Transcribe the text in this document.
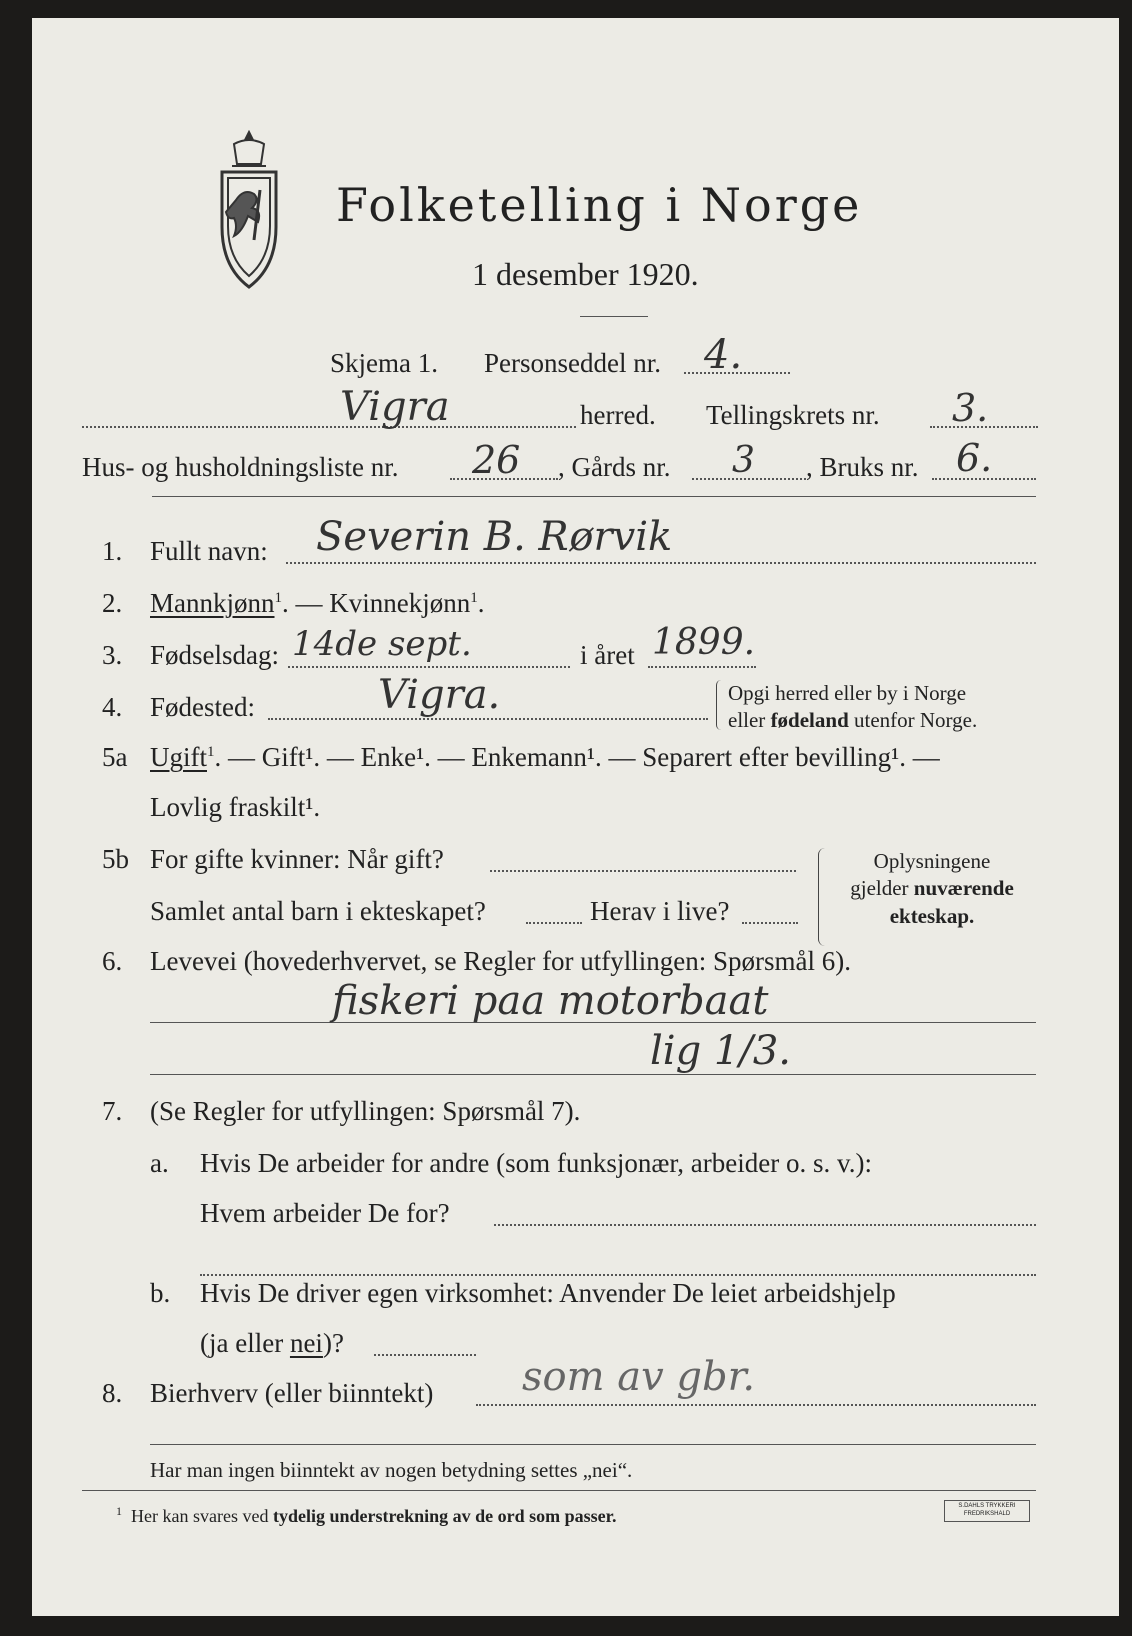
Folketelling i Norge
1 desember 1920.
Skjema 1. Personseddel nr. 4.
Vigra	herred. Tellingskrets nr. 3.
Hus- og husholdningsliste nr. 26 , Gårds nr. 3 , Bruks nr. 6.
1. Fullt navn: Severin B. Rørvik
2. Mannkjønn$^1$. — Kvinnekjønn$^1$.
3. Fødselsdag: 14de sept.	i året 1899.
4. Fødested:	Vigra.	Opgi herred eller by i Norge
eller fødeland utenfor Norge.
5a Ugift$^1$. — Gift¹. — Enke¹. — Enkemann¹. — Separert efter bevilling¹. —
Lovlig fraskilt¹.
5b For gifte kvinner: Når gift?
Samlet antal barn i ekteskapet?	Herav i live?
Oplysningene
gjelder nuværende
ekteskap.
6. Levevei (hovederhvervet, se Regler for utfyllingen: Spørsmål 6).
fiskeri paa motorbaat
lig 1/3.
7. (Se Regler for utfyllingen: Spørsmål 7).
a. Hvis De arbeider for andre (som funksjonær, arbeider o. s. v.):
Hvem arbeider De for?
b. Hvis De driver egen virksomhet: Anvender De leiet arbeidshjelp
(ja eller nei)?
8. Bierhverv (eller biinntekt) som av gbr.
Har man ingen biinntekt av nogen betydning settes „nei“.
$^1$ Her kan svares ved tydelig understrekning av de ord som passer.	S.DAHLS TRYKKERI FREDRIKSHALD
